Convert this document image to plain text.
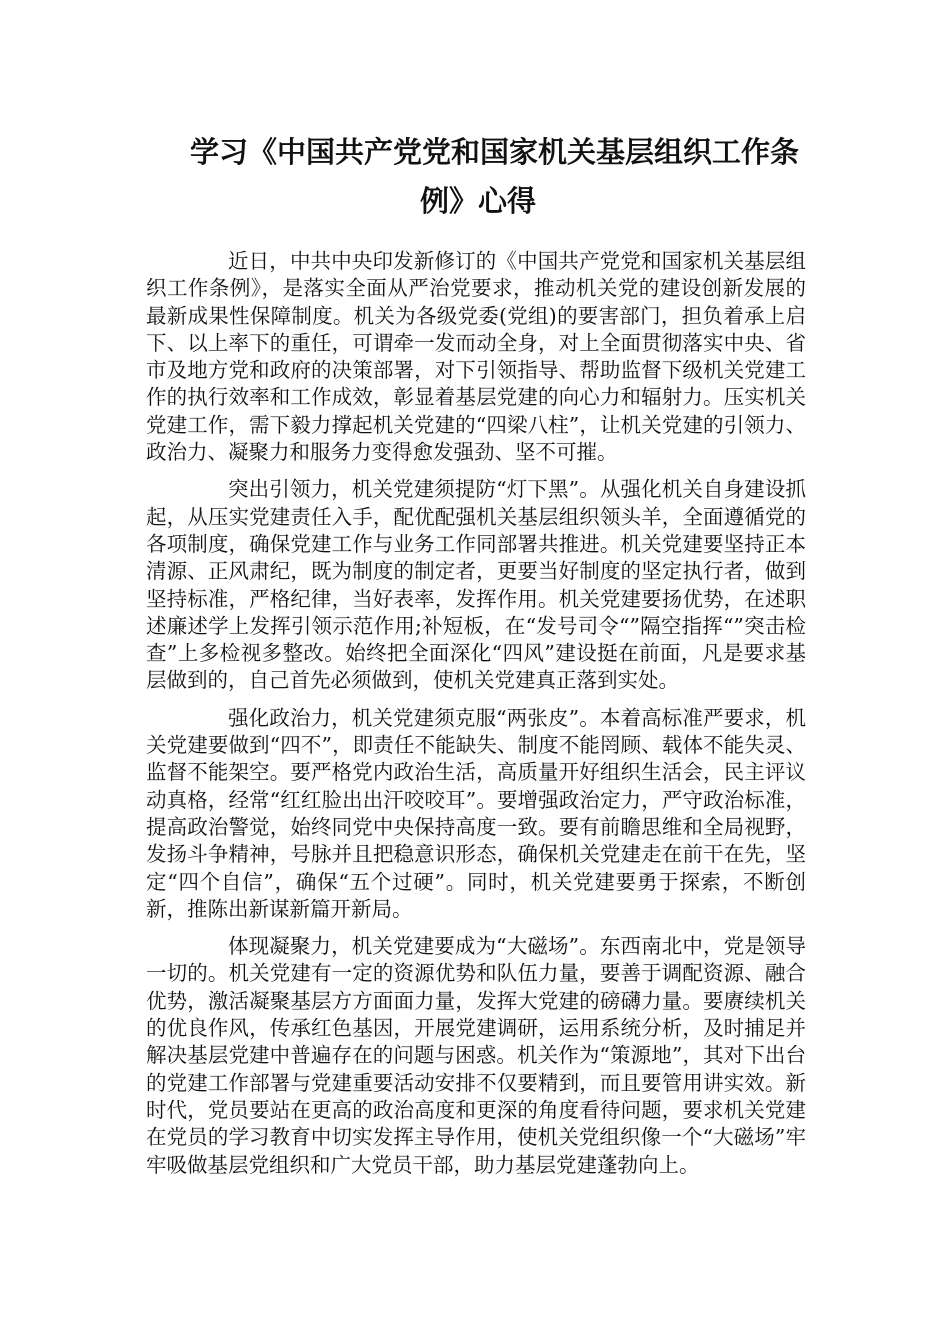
学习《中国共产党党和国家机关基层组织工作条
例》心得

近日，中共中央印发新修订的《中国共产党党和国家机关基层组织工作条例》，是落实全面从严治党要求，推动机关党的建设创新发展的最新成果性保障制度。机关为各级党委(党组)的要害部门，担负着承上启下、以上率下的重任，可谓牵一发而动全身，对上全面贯彻落实中央、省市及地方党和政府的决策部署，对下引领指导、帮助监督下级机关党建工作的执行效率和工作成效，彰显着基层党建的向心力和辐射力。压实机关党建工作，需下毅力撑起机关党建的“四梁八柱”，让机关党建的引领力、政治力、凝聚力和服务力变得愈发强劲、坚不可摧。

突出引领力，机关党建须提防“灯下黑”。从强化机关自身建设抓起，从压实党建责任入手，配优配强机关基层组织领头羊，全面遵循党的各项制度，确保党建工作与业务工作同部署共推进。机关党建要坚持正本清源、正风肃纪，既为制度的制定者，更要当好制度的坚定执行者，做到坚持标准，严格纪律，当好表率，发挥作用。机关党建要扬优势，在述职述廉述学上发挥引领示范作用;补短板，在“发号司令“”隔空指挥“”突击检查”上多检视多整改。始终把全面深化“四风”建设挺在前面，凡是要求基层做到的，自己首先必须做到，使机关党建真正落到实处。

强化政治力，机关党建须克服“两张皮”。本着高标准严要求，机关党建要做到“四不”，即责任不能缺失、制度不能罔顾、载体不能失灵、监督不能架空。要严格党内政治生活，高质量开好组织生活会，民主评议动真格，经常“红红脸出出汗咬咬耳”。要增强政治定力，严守政治标准，提高政治警觉，始终同党中央保持高度一致。要有前瞻思维和全局视野，发扬斗争精神，号脉并且把稳意识形态，确保机关党建走在前干在先，坚定“四个自信”，确保“五个过硬”。同时，机关党建要勇于探索，不断创新，推陈出新谋新篇开新局。

体现凝聚力，机关党建要成为“大磁场”。东西南北中，党是领导一切的。机关党建有一定的资源优势和队伍力量，要善于调配资源、融合优势，激活凝聚基层方方面面力量，发挥大党建的磅礴力量。要赓续机关的优良作风，传承红色基因，开展党建调研，运用系统分析，及时捕足并解决基层党建中普遍存在的问题与困惑。机关作为“策源地”，其对下出台的党建工作部署与党建重要活动安排不仅要精到，而且要管用讲实效。新时代，党员要站在更高的政治高度和更深的角度看待问题，要求机关党建在党员的学习教育中切实发挥主导作用，使机关党组织像一个“大磁场”牢牢吸做基层党组织和广大党员干部，助力基层党建蓬勃向上。
